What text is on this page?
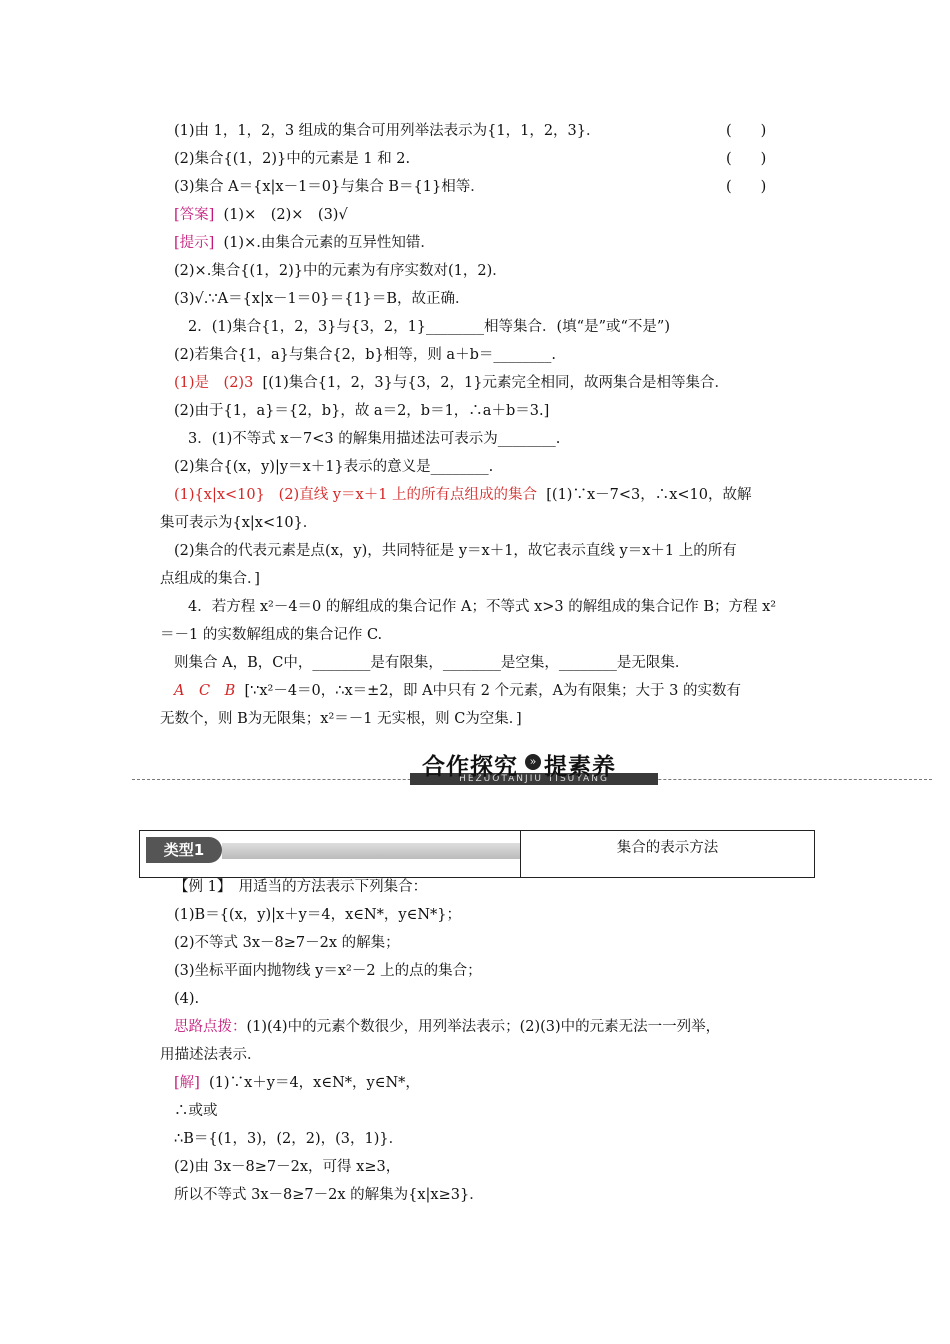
(1)由 1，1，2，3 组成的集合可用列举法表示为{1，1，2，3}．	(　　)
(2)集合{(1，2)}中的元素是 1 和 2.	(　　)
(3)集合 A＝{x|x－1＝0}与集合 B＝{1}相等．	(　　)
[答案] (1)×　(2)×　(3)√
[提示] (1)×.由集合元素的互异性知错．
(2)×.集合{(1，2)}中的元素为有序实数对(1，2)．
(3)√.∵A＝{x|x－1＝0}＝{1}＝B，故正确．
2．(1)集合{1，2，3}与{3，2，1}________相等集合．(填“是”或“不是”)
(2)若集合{1，a}与集合{2，b}相等，则 a＋b＝________.
(1)是　(2)3 [(1)集合{1，2，3}与{3，2，1}元素完全相同，故两集合是相等集合．
(2)由于{1，a}＝{2，b}，故 a＝2，b＝1，∴a＋b＝3.]
3．(1)不等式 x－7<3 的解集用描述法可表示为________.
(2)集合{(x，y)|y＝x＋1}表示的意义是________.
(1){x|x<10} (2)直线 y＝x＋1 上的所有点组成的集合 [(1)∵x－7<3，∴x<10，故解
集可表示为{x|x<10}．
(2)集合的代表元素是点(x，y)，共同特征是 y＝x＋1，故它表示直线 y＝x＋1 上的所有
点组成的集合．]
4．若方程 x²－4＝0 的解组成的集合记作 A；不等式 x>3 的解组成的集合记作 B；方程 x²
＝－1 的实数解组成的集合记作 C.
则集合 A，B，C中，________是有限集，________是空集，________是无限集．
A　C　B [∵x²－4＝0，∴x＝±2，即 A中只有 2 个元素，A为有限集；大于 3 的实数有
无数个，则 B为无限集；x²＝－1 无实根，则 C为空集．]
HEZUOTANJIU TISUYANG
合作探究	» 提素养
类型1	集合的表示方法
【例 1】　用适当的方法表示下列集合：
(1)B＝{(x，y)|x＋y＝4，x∈N*，y∈N*}；
(2)不等式 3x－8≥7－2x 的解集；
(3)坐标平面内抛物线 y＝x²－2 上的点的集合；
(4).
思路点拨：(1)(4)中的元素个数很少，用列举法表示；(2)(3)中的元素无法一一列举，
用描述法表示．
[解] (1)∵x＋y＝4，x∈N*，y∈N*，
∴或或
∴B＝{(1，3)，(2，2)，(3，1)}．
(2)由 3x－8≥7－2x，可得 x≥3，
所以不等式 3x－8≥7－2x 的解集为{x|x≥3}．
